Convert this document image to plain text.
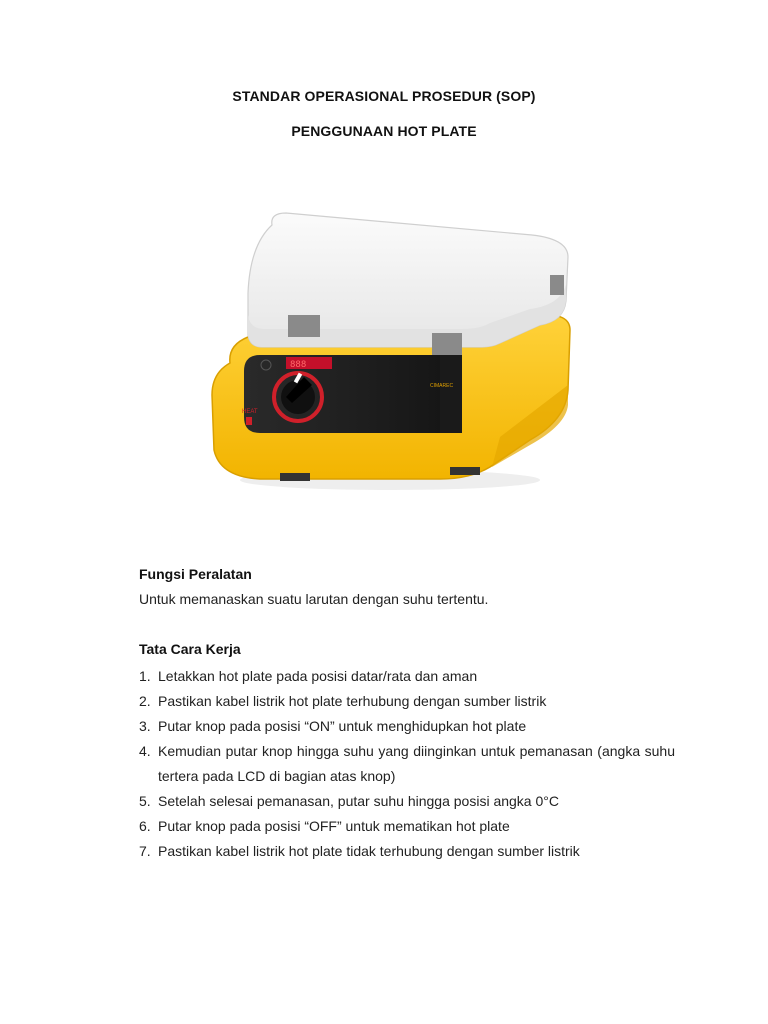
STANDAR OPERASIONAL PROSEDUR (SOP)
PENGGUNAAN HOT PLATE
888
HEAT
CIMAREC
Fungsi Peralatan
Untuk memanaskan suatu larutan dengan suhu tertentu.
Tata Cara Kerja
1. Letakkan hot plate pada posisi datar/rata dan aman
2. Pastikan kabel listrik hot plate terhubung dengan sumber listrik
3. Putar knop pada posisi “ON” untuk menghidupkan hot plate
4. Kemudian putar knop hingga suhu yang diinginkan untuk pemanasan (angka suhu tertera pada LCD di bagian atas knop)
5. Setelah selesai pemanasan, putar suhu hingga posisi angka 0°C
6. Putar knop pada posisi “OFF” untuk mematikan hot plate
7. Pastikan kabel listrik hot plate tidak terhubung dengan sumber listrik
